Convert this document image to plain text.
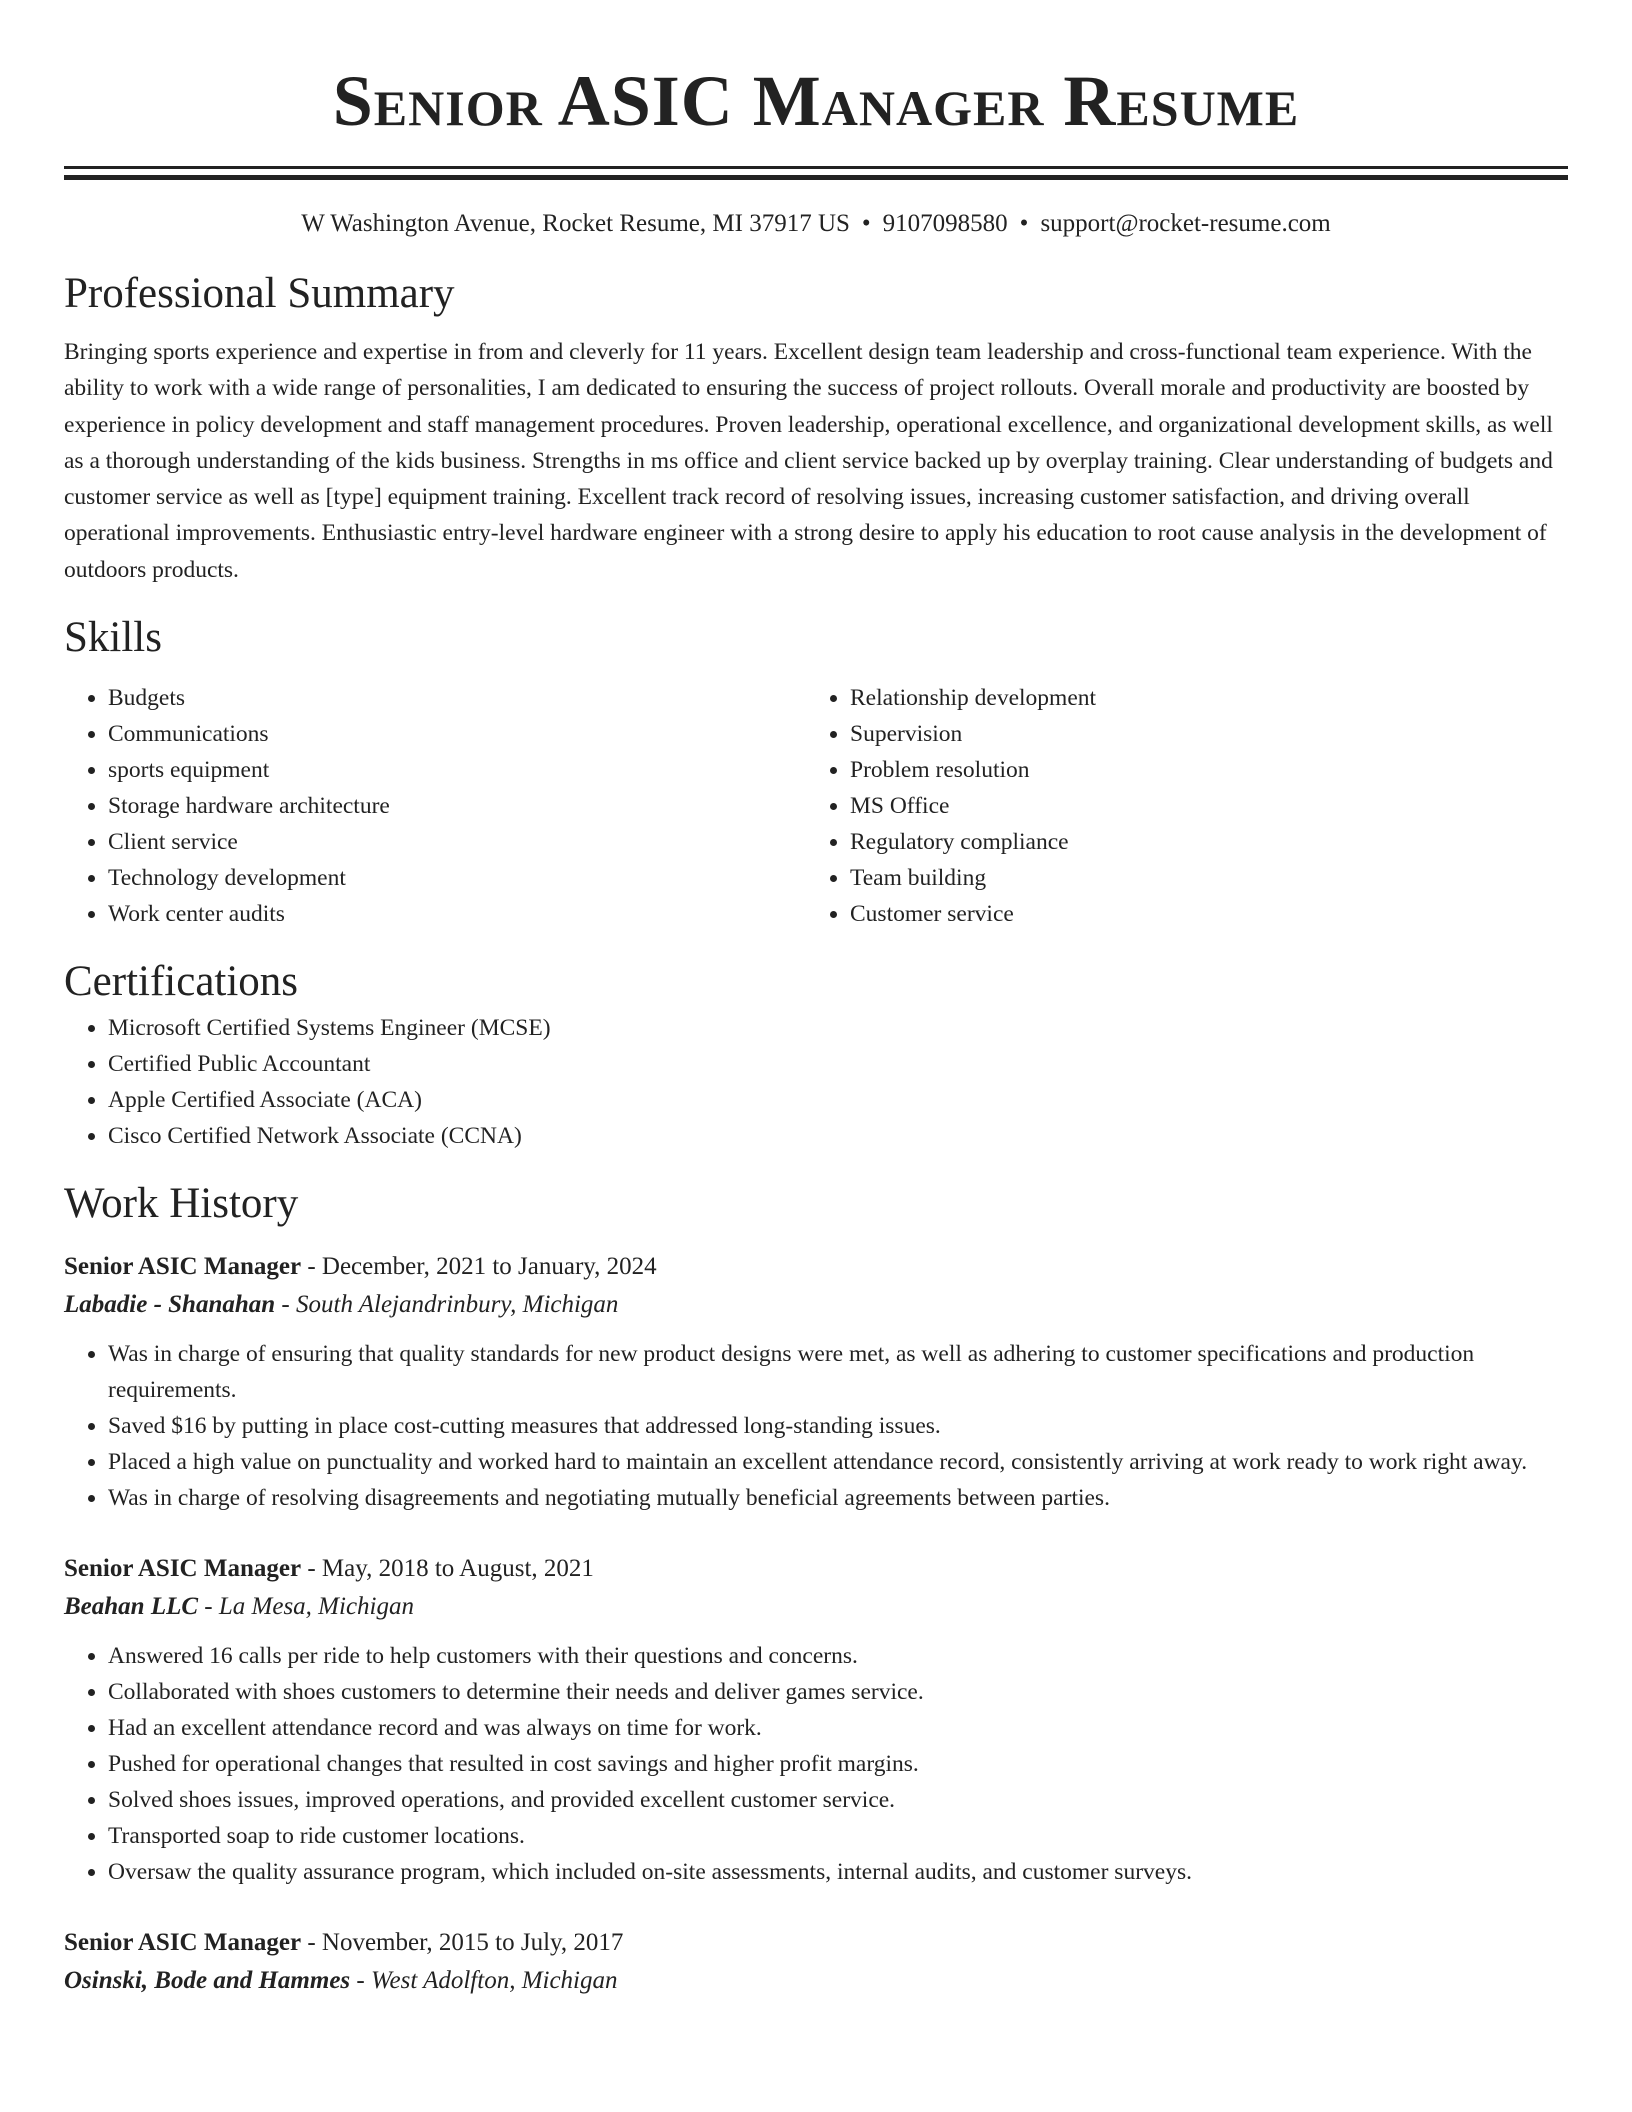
Senior ASIC Manager Resume
W Washington Avenue, Rocket Resume, MI 37917 US • 9107098580 • support@rocket-resume.com
Professional Summary

Bringing sports experience and expertise in from and cleverly for 11 years. Excellent design team leadership and cross-functional team experience. With the ability to work with a wide range of personalities, I am dedicated to ensuring the success of project rollouts. Overall morale and productivity are boosted by experience in policy development and staff management procedures. Proven leadership, operational excellence, and organizational development skills, as well as a thorough understanding of the kids business. Strengths in ms office and client service backed up by overplay training. Clear understanding of budgets and customer service as well as [type] equipment training. Excellent track record of resolving issues, increasing customer satisfaction, and driving overall operational improvements. Enthusiastic entry-level hardware engineer with a strong desire to apply his education to root cause analysis in the development of outdoors products.

Skills
• Budgets
• Communications
• sports equipment
• Storage hardware architecture
• Client service
• Technology development
• Work center audits
• Relationship development
• Supervision
• Problem resolution
• MS Office
• Regulatory compliance
• Team building
• Customer service
Certifications
• Microsoft Certified Systems Engineer (MCSE)
• Certified Public Accountant
• Apple Certified Associate (ACA)
• Cisco Certified Network Associate (CCNA)
Work History
Senior ASIC Manager - December, 2021 to January, 2024
Labadie - Shanahan - South Alejandrinbury, Michigan
• Was in charge of ensuring that quality standards for new product designs were met, as well as adhering to customer specifications and production requirements.
• Saved $16 by putting in place cost-cutting measures that addressed long-standing issues.
• Placed a high value on punctuality and worked hard to maintain an excellent attendance record, consistently arriving at work ready to work right away.
• Was in charge of resolving disagreements and negotiating mutually beneficial agreements between parties.
Senior ASIC Manager - May, 2018 to August, 2021
Beahan LLC - La Mesa, Michigan
• Answered 16 calls per ride to help customers with their questions and concerns.
• Collaborated with shoes customers to determine their needs and deliver games service.
• Had an excellent attendance record and was always on time for work.
• Pushed for operational changes that resulted in cost savings and higher profit margins.
• Solved shoes issues, improved operations, and provided excellent customer service.
• Transported soap to ride customer locations.
• Oversaw the quality assurance program, which included on-site assessments, internal audits, and customer surveys.
Senior ASIC Manager - November, 2015 to July, 2017
Osinski, Bode and Hammes - West Adolfton, Michigan
